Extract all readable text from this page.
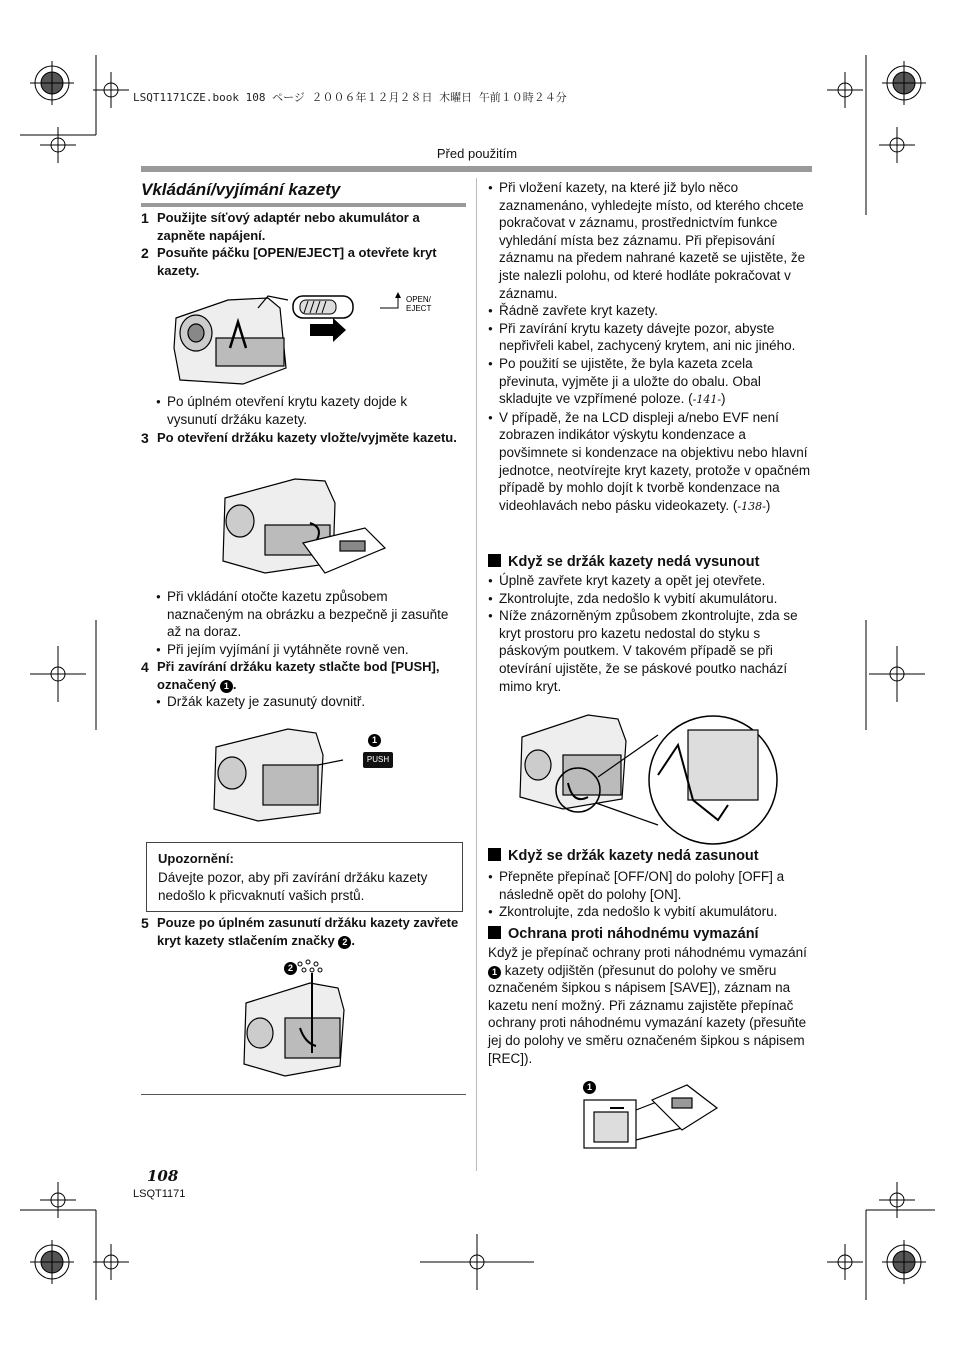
LSQT1171CZE.book 108 ページ ２００６年１２月２８日 木曜日 午前１０時２４分
Před použitím
Vkládání/vyjímání kazety
1 Použijte síťový adaptér nebo akumulátor a zapněte napájení.
2 Posuňte páčku [OPEN/EJECT] a otevřete kryt kazety.
OPEN/
EJECT
● Po úplném otevření krytu kazety dojde k vysunutí držáku kazety.
3 Po otevření držáku kazety vložte/vyjměte kazetu.
● Při vkládání otočte kazetu způsobem naznačeným na obrázku a bezpečně ji zasuňte až na doraz.
● Při jejím vyjímání ji vytáhněte rovně ven.
4 Při zavírání držáku kazety stlačte bod [PUSH], označený 1 .
● Držák kazety je zasunutý dovnitř.
1
PUSH
Upozornění:
Dávejte pozor, aby při zavírání držáku kazety nedošlo k přicvaknutí vašich prstů.
5 Pouze po úplném zasunutí držáku kazety zavřete kryt kazety stlačením značky 2 .
2
● Při vložení kazety, na které již bylo něco zaznamenáno, vyhledejte místo, od kterého chcete pokračovat v záznamu, prostřednictvím funkce vyhledání místa bez záznamu. Při přepisování záznamu na předem nahrané kazetě se ujistěte, že jste nalezli polohu, od které hodláte pokračovat v záznamu.
● Řádně zavřete kryt kazety.
● Při zavírání krytu kazety dávejte pozor, abyste nepřivřeli kabel, zachycený krytem, ani nic jiného.
● Po použití se ujistěte, že byla kazeta zcela převinuta, vyjměte ji a uložte do obalu. Obal skladujte ve vzpřímené poloze. (-141-)
● V případě, že na LCD displeji a/nebo EVF není zobrazen indikátor výskytu kondenzace a povšimnete si kondenzace na objektivu nebo hlavní jednotce, neotvírejte kryt kazety, protože v opačném případě by mohlo dojít k tvorbě kondenzace na videohlavách nebo pásku videokazety. (-138-)
Když se držák kazety nedá vysunout
● Úplně zavřete kryt kazety a opět jej otevřete.
● Zkontrolujte, zda nedošlo k vybití akumulátoru.
● Níže znázorněným způsobem zkontrolujte, zda se kryt prostoru pro kazetu nedostal do styku s páskovým poutkem. V takovém případě se při otevírání ujistěte, že se páskové poutko nachází mimo kryt.
Když se držák kazety nedá zasunout
● Přepněte přepínač [OFF/ON] do polohy [OFF] a následně opět do polohy [ON].
● Zkontrolujte, zda nedošlo k vybití akumulátoru.
Ochrana proti náhodnému vymazání
Když je přepínač ochrany proti náhodnému vymazání 1 kazety odjištěn (přesunut do polohy ve směru označeném šipkou s nápisem [SAVE]), záznam na kazetu není možný. Při záznamu zajistěte přepínač ochrany proti náhodnému vymazání kazety (přesuňte jej do polohy ve směru označeném šipkou s nápisem [REC]).
1
108
LSQT1171
